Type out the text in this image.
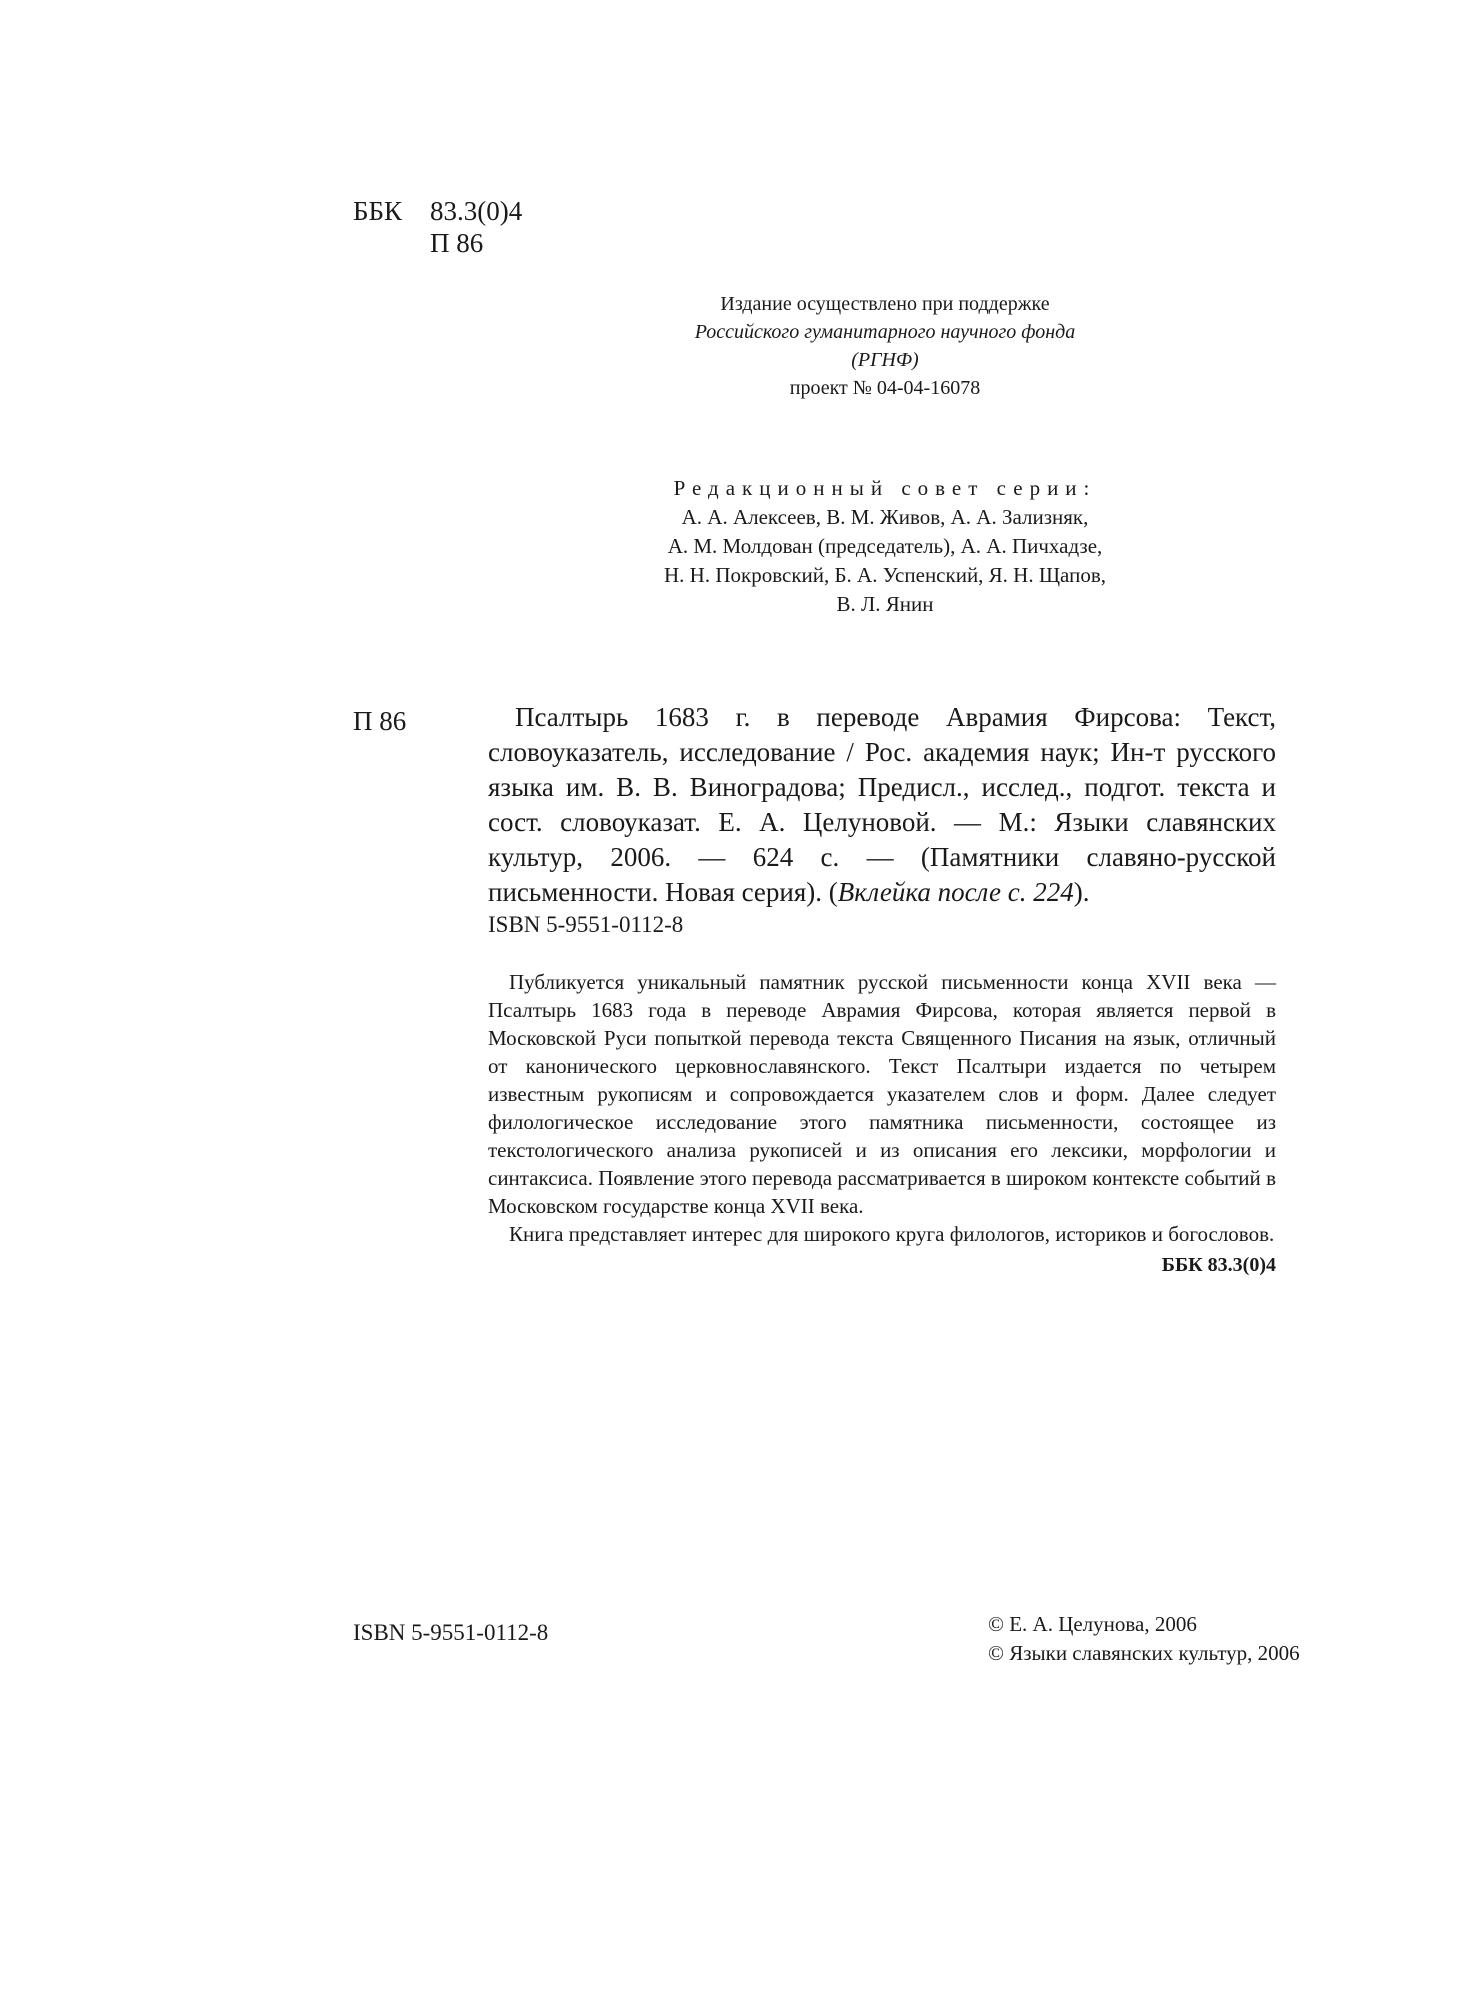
ББК 83.3(0)4
П 86
Издание осуществлено при поддержке
Российского гуманитарного научного фонда
(РГНФ)
проект № 04-04-16078
Редакционный совет серии:
А. А. Алексеев, В. М. Живов, А. А. Зализняк,
А. М. Молдован (председатель), А. А. Пичхадзе,
Н. Н. Покровский, Б. А. Успенский, Я. Н. Щапов,
В. Л. Янин
П 86
 	Псалтырь 1683 г. в переводе Аврамия Фирсова: Текст, словоуказатель, исследование / Рос. академия наук; Ин-т русского языка им. В. В. Виноградова; Предисл., исслед., подгот. текста и сост. словоуказат. Е. А. Целуновой. — М.: Языки славянских культур, 2006. — 624 с. — (Памятники славяно-русской письменности. Новая серия). (Вклейка после с. 224).
ISBN 5-9551-0112-8

 Публикуется уникальный памятник русской письменности конца XVII века — Псалтырь 1683 года в переводе Аврамия Фирсова, которая является первой в Московской Руси попыткой перевода текста Священного Писания на язык, отличный от канонического церковнославянского. Текст Псалтыри издается по четырем известным рукописям и сопровождается указателем слов и форм. Далее следует филологическое исследование этого памятника письменности, состоящее из текстологического анализа рукописей и из описания его лексики, морфологии и синтаксиса. Появление этого перевода рассматривается в широком контексте событий в Московском государстве конца XVII века.

 Книга представляет интерес для широкого круга филологов, историков и богословов.

ББК 83.3(0)4
ISBN 5-9551-0112-8	© Е. А. Целунова, 2006
© Языки славянских культур, 2006
